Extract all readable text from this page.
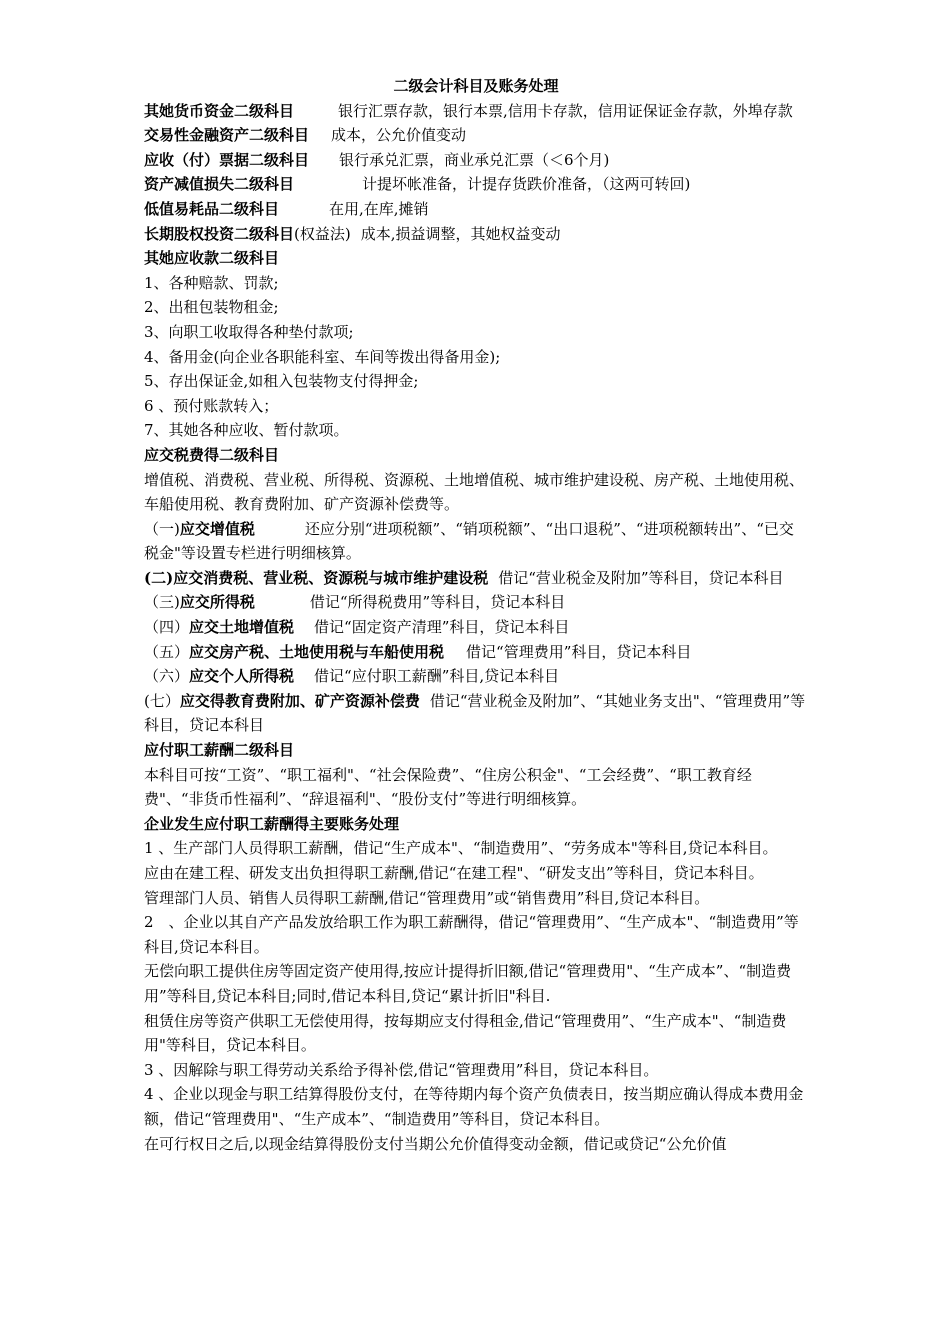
二级会计科目及账务处理

其她货币资金二级科目	银行汇票存款，银行本票,信用卡存款，信用证保证金存款，外埠存款

交易性金融资产二级科目 成本，公允价值变动

应收（付）票据二级科目 银行承兑汇票，商业承兑汇票（＜6个月)

资产减值损失二级科目	计提坏帐准备，计提存货跌价准备，（这两可转回)

低值易耗品二级科目	在用,在库,摊销

长期股权投资二级科目(权益法) 成本,损益调整，其她权益变动

其她应收款二级科目

1、各种赔款、罚款;

2、出租包装物租金;

3、向职工收取得各种垫付款项;

4、备用金(向企业各职能科室、车间等拨出得备用金);

5、存出保证金,如租入包装物支付得押金;

6 、预付账款转入；

7、其她各种应收、暂付款项。

应交税费得二级科目

增值税、消费税、营业税、所得税、资源税、土地增值税、城市维护建设税、房产税、土地使用税、车船使用税、教育费附加、矿产资源补偿费等。

（一)应交增值税	还应分别“进项税额”、“销项税额”、“出口退税”、“进项税额转出”、“已交税金"等设置专栏进行明细核算。

(二)应交消费税、营业税、资源税与城市维护建设税 借记“营业税金及附加”等科目，贷记本科目

（三)应交所得税	借记“所得税费用”等科目，贷记本科目

（四）应交土地增值税 借记“固定资产清理”科目，贷记本科目

（五）应交房产税、土地使用税与车船使用税 借记“管理费用”科目，贷记本科目

（六）应交个人所得税 借记“应付职工薪酬”科目,贷记本科目

(七）应交得教育费附加、矿产资源补偿费 借记“营业税金及附加”、“其她业务支出"、“管理费用”等科目，贷记本科目

应付职工薪酬二级科目

本科目可按“工资”、“职工福利"、“社会保险费”、“住房公积金"、“工会经费”、“职工教育经费"、“非货币性福利”、“辞退福利"、“股份支付”等进行明细核算。

企业发生应付职工薪酬得主要账务处理

1 、生产部门人员得职工薪酬，借记“生产成本"、“制造费用”、“劳务成本"等科目,贷记本科目。

应由在建工程、研发支出负担得职工薪酬,借记“在建工程"、“研发支出”等科目，贷记本科目。

管理部门人员、销售人员得职工薪酬,借记“管理费用”或“销售费用”科目,贷记本科目。

2　、企业以其自产产品发放给职工作为职工薪酬得，借记“管理费用”、“生产成本"、“制造费用”等科目,贷记本科目。

无偿向职工提供住房等固定资产使用得,按应计提得折旧额,借记“管理费用"、“生产成本”、“制造费用”等科目,贷记本科目;同时,借记本科目,贷记“累计折旧"科目.

租赁住房等资产供职工无偿使用得，按每期应支付得租金,借记“管理费用”、“生产成本"、“制造费用"等科目，贷记本科目。

3 、因解除与职工得劳动关系给予得补偿,借记“管理费用”科目，贷记本科目。

4 、企业以现金与职工结算得股份支付，在等待期内每个资产负债表日，按当期应确认得成本费用金额，借记“管理费用"、“生产成本”、“制造费用”等科目，贷记本科目。

在可行权日之后,以现金结算得股份支付当期公允价值得变动金额，借记或贷记“公允价值
